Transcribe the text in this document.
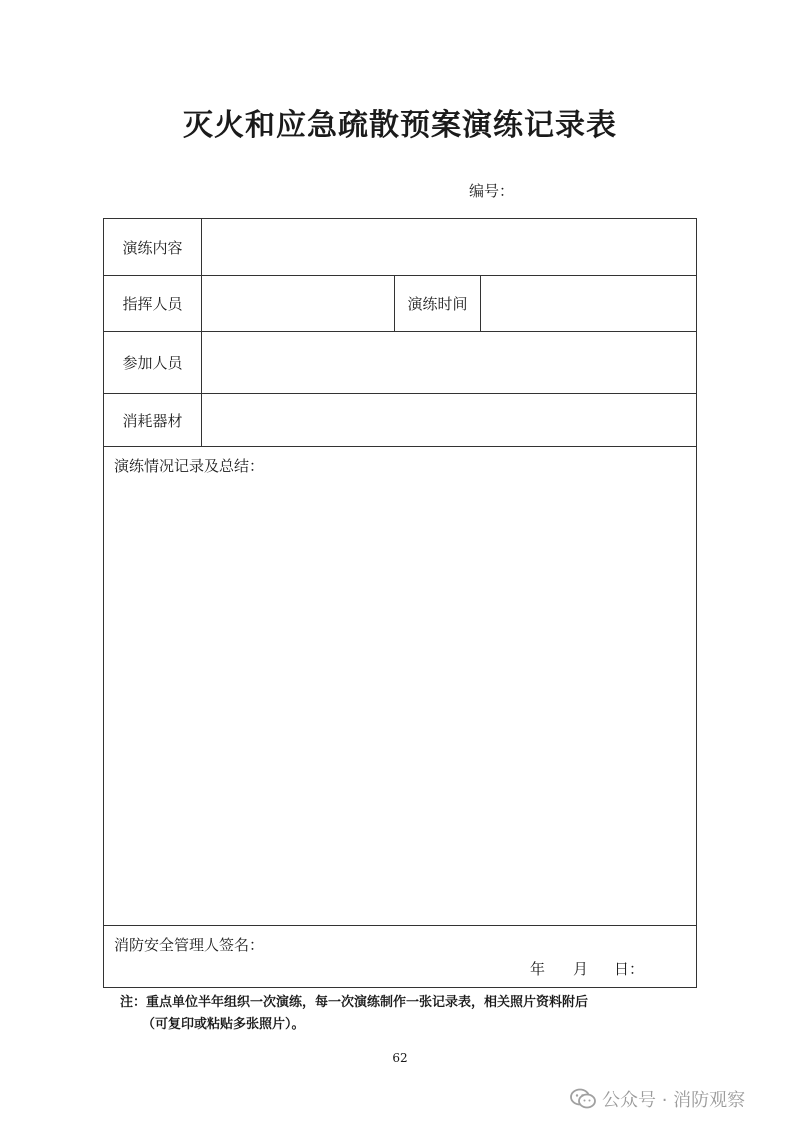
灭火和应急疏散预案演练记录表
编号：
演练内容
指挥人员	演练时间
参加人员
消耗器材
演练情况记录及总结：
消防安全管理人签名：
年 月 日：
注：重点单位半年组织一次演练，每一次演练制作一张记录表，相关照片资料附后
（可复印或粘贴多张照片）。
62
公众号 · 消防观察
